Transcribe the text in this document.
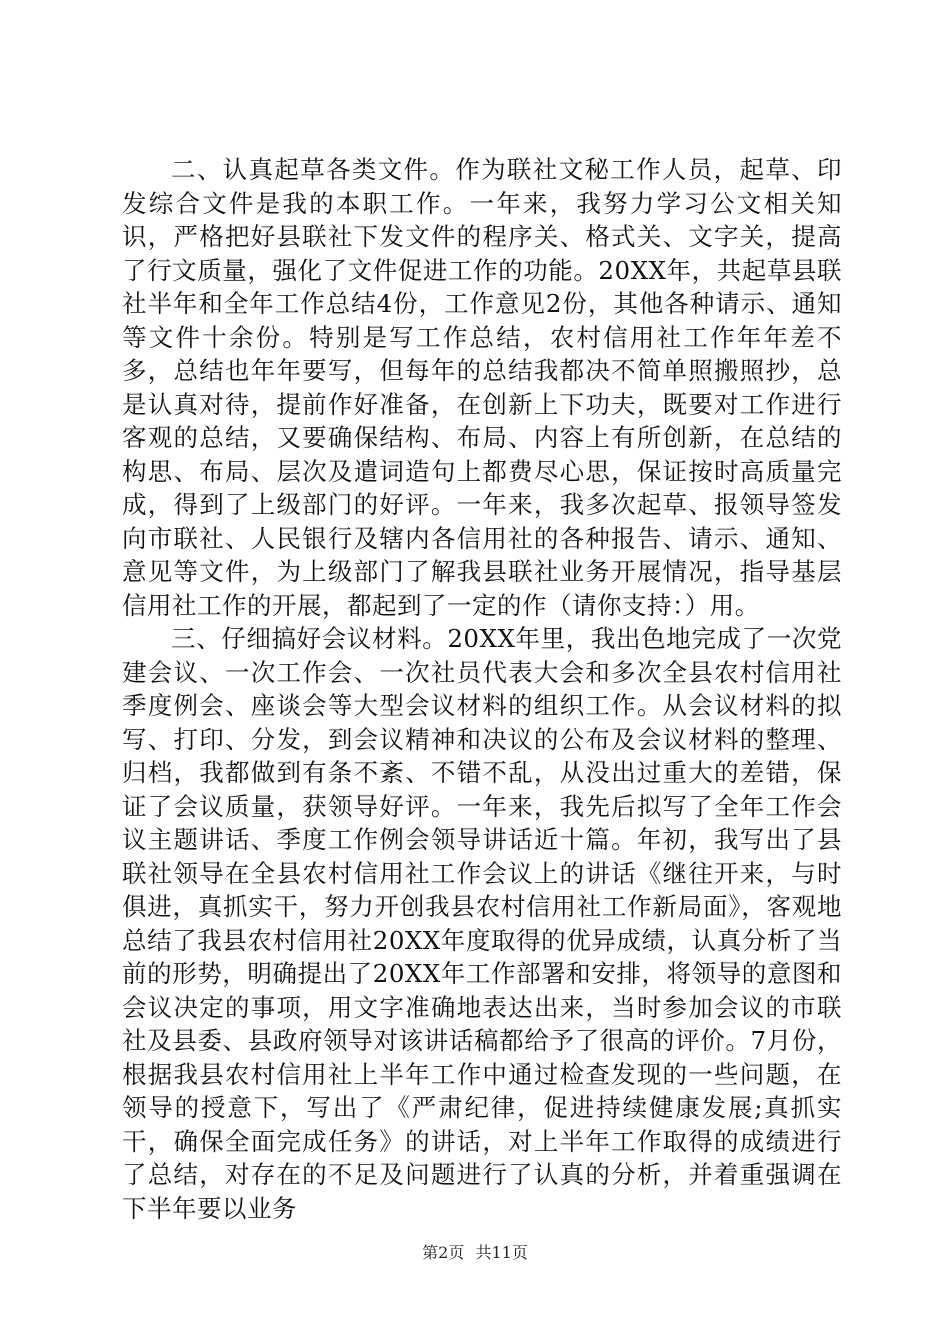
二、认真起草各类文件。作为联社文秘工作人员，起草、印发综合文件是我的本职工作。一年来，我努力学习公文相关知识，严格把好县联社下发文件的程序关、格式关、文字关，提高了行文质量，强化了文件促进工作的功能。20XX年，共起草县联社半年和全年工作总结4份，工作意见2份，其他各种请示、通知等文件十余份。特别是写工作总结，农村信用社工作年年差不多，总结也年年要写，但每年的总结我都决不简单照搬照抄，总是认真对待，提前作好准备，在创新上下功夫，既要对工作进行客观的总结，又要确保结构、布局、内容上有所创新，在总结的构思、布局、层次及遣词造句上都费尽心思，保证按时高质量完成，得到了上级部门的好评。一年来，我多次起草、报领导签发向市联社、人民银行及辖内各信用社的各种报告、请示、通知、意见等文件，为上级部门了解我县联社业务开展情况，指导基层信用社工作的开展，都起到了一定的作（请你支持：）用。

三、仔细搞好会议材料。20XX年里，我出色地完成了一次党建会议、一次工作会、一次社员代表大会和多次全县农村信用社季度例会、座谈会等大型会议材料的组织工作。从会议材料的拟写、打印、分发，到会议精神和决议的公布及会议材料的整理、归档，我都做到有条不紊、不错不乱，从没出过重大的差错，保证了会议质量，获领导好评。一年来，我先后拟写了全年工作会议主题讲话、季度工作例会领导讲话近十篇。年初，我写出了县联社领导在全县农村信用社工作会议上的讲话《继往开来，与时俱进，真抓实干，努力开创我县农村信用社工作新局面》，客观地总结了我县农村信用社20XX年度取得的优异成绩，认真分析了当前的形势，明确提出了20XX年工作部署和安排，将领导的意图和会议决定的事项，用文字准确地表达出来，当时参加会议的市联社及县委、县政府领导对该讲话稿都给予了很高的评价。7月份，根据我县农村信用社上半年工作中通过检查发现的一些问题，在领导的授意下，写出了《严肃纪律，促进持续健康发展;真抓实干，确保全面完成任务》的讲话，对上半年工作取得的成绩进行了总结，对存在的不足及问题进行了认真的分析，并着重强调在下半年要以业务

第2页 共11页
